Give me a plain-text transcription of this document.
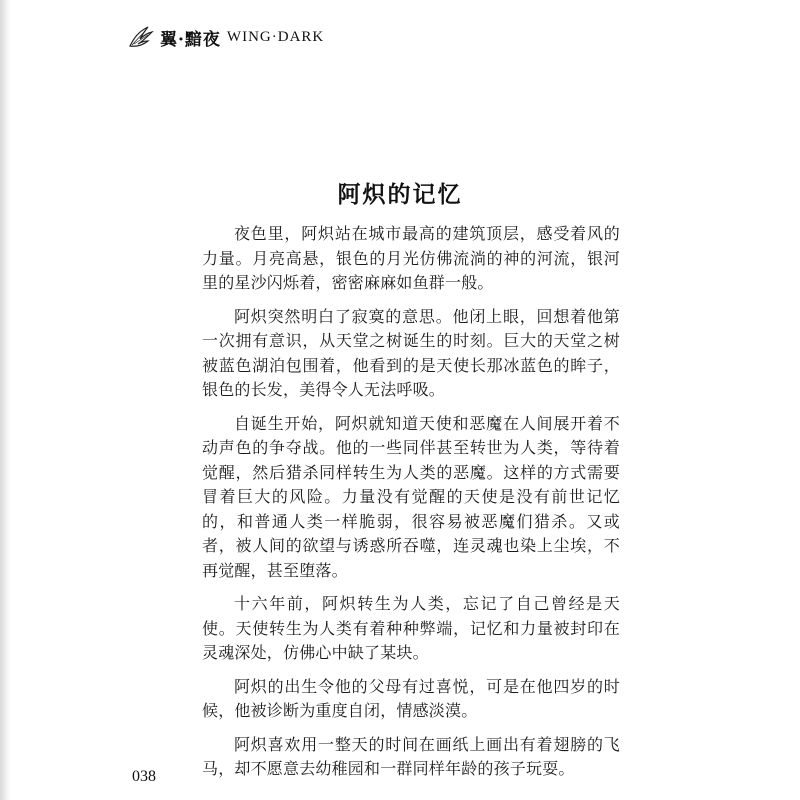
翼·黯夜 WING·DARK
阿炽的记忆

夜色里，阿炽站在城市最高的建筑顶层，感受着风的力量。月亮高悬，银色的月光仿佛流淌的神的河流，银河里的星沙闪烁着，密密麻麻如鱼群一般。

阿炽突然明白了寂寞的意思。他闭上眼，回想着他第一次拥有意识，从天堂之树诞生的时刻。巨大的天堂之树被蓝色湖泊包围着，他看到的是天使长那冰蓝色的眸子，银色的长发，美得令人无法呼吸。

自诞生开始，阿炽就知道天使和恶魔在人间展开着不动声色的争夺战。他的一些同伴甚至转世为人类，等待着觉醒，然后猎杀同样转生为人类的恶魔。这样的方式需要冒着巨大的风险。力量没有觉醒的天使是没有前世记忆的，和普通人类一样脆弱，很容易被恶魔们猎杀。又或者，被人间的欲望与诱惑所吞噬，连灵魂也染上尘埃，不再觉醒，甚至堕落。

十六年前，阿炽转生为人类，忘记了自己曾经是天使。天使转生为人类有着种种弊端，记忆和力量被封印在灵魂深处，仿佛心中缺了某块。

阿炽的出生令他的父母有过喜悦，可是在他四岁的时候，他被诊断为重度自闭，情感淡漠。

阿炽喜欢用一整天的时间在画纸上画出有着翅膀的飞马，却不愿意去幼稚园和一群同样年龄的孩子玩耍。

038
